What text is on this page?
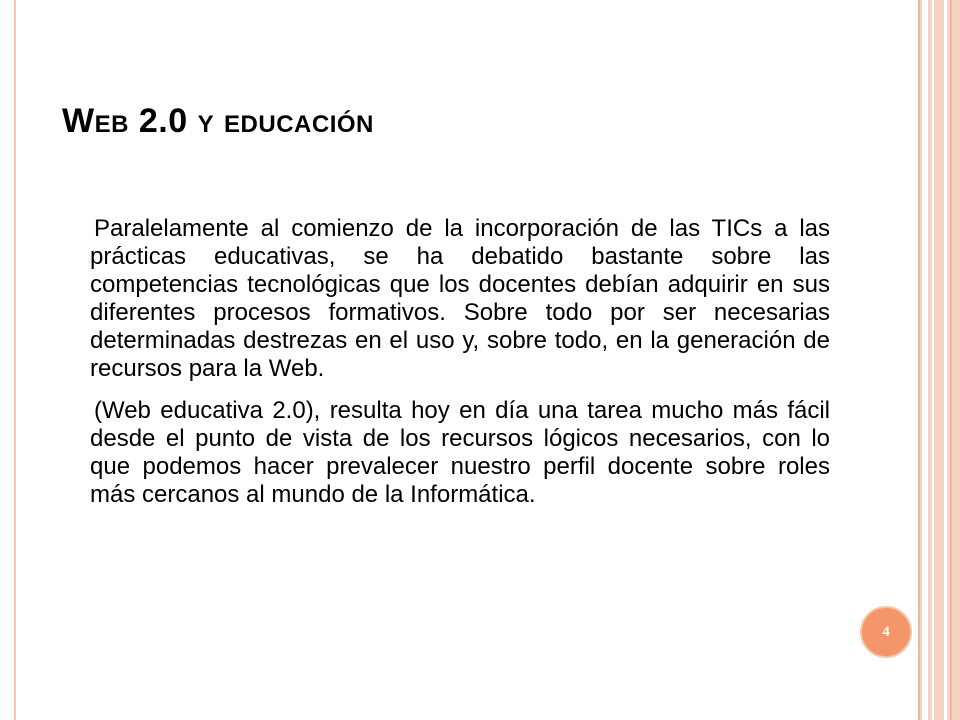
Web 2.0 y educación

Paralelamente al comienzo de la incorporación de las TICs a las prácticas educativas, se ha debatido bastante sobre las competencias tecnológicas que los docentes debían adquirir en sus diferentes procesos formativos. Sobre todo por ser necesarias determinadas destrezas en el uso y, sobre todo, en la generación de recursos para la Web.

(Web educativa 2.0), resulta hoy en día una tarea mucho más fácil desde el punto de vista de los recursos lógicos necesarios, con lo que podemos hacer prevalecer nuestro perfil docente sobre roles más cercanos al mundo de la Informática.

4
